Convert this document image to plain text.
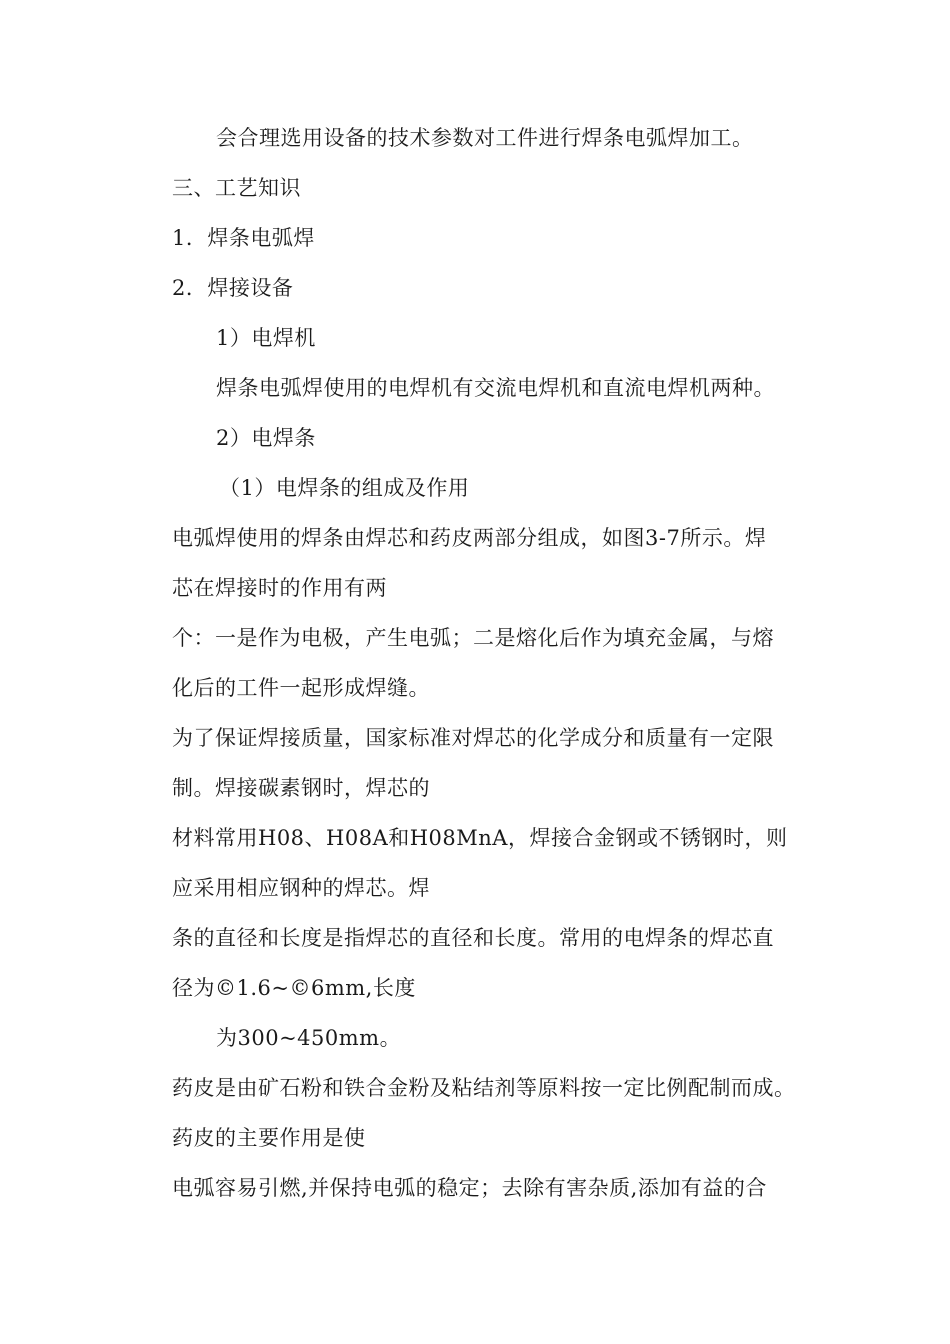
会合理选用设备的技术参数对工件进行焊条电弧焊加工。
三、工艺知识
1．焊条电弧焊
2．焊接设备
1）电焊机
焊条电弧焊使用的电焊机有交流电焊机和直流电焊机两种。
2）电焊条
（1）电焊条的组成及作用
电弧焊使用的焊条由焊芯和药皮两部分组成，如图3-7所示。焊
芯在焊接时的作用有两
个：一是作为电极，产生电弧；二是熔化后作为填充金属，与熔
化后的工件一起形成焊缝。
为了保证焊接质量，国家标准对焊芯的化学成分和质量有一定限
制。焊接碳素钢时，焊芯的
材料常用H08、H08A和H08MnA，焊接合金钢或不锈钢时，则
应采用相应钢种的焊芯。焊
条的直径和长度是指焊芯的直径和长度。常用的电焊条的焊芯直
径为©1.6~©6mm,长度
为300~450mm。
药皮是由矿石粉和铁合金粉及粘结剂等原料按一定比例配制而成。
药皮的主要作用是使
电弧容易引燃,并保持电弧的稳定；去除有害杂质,添加有益的合
